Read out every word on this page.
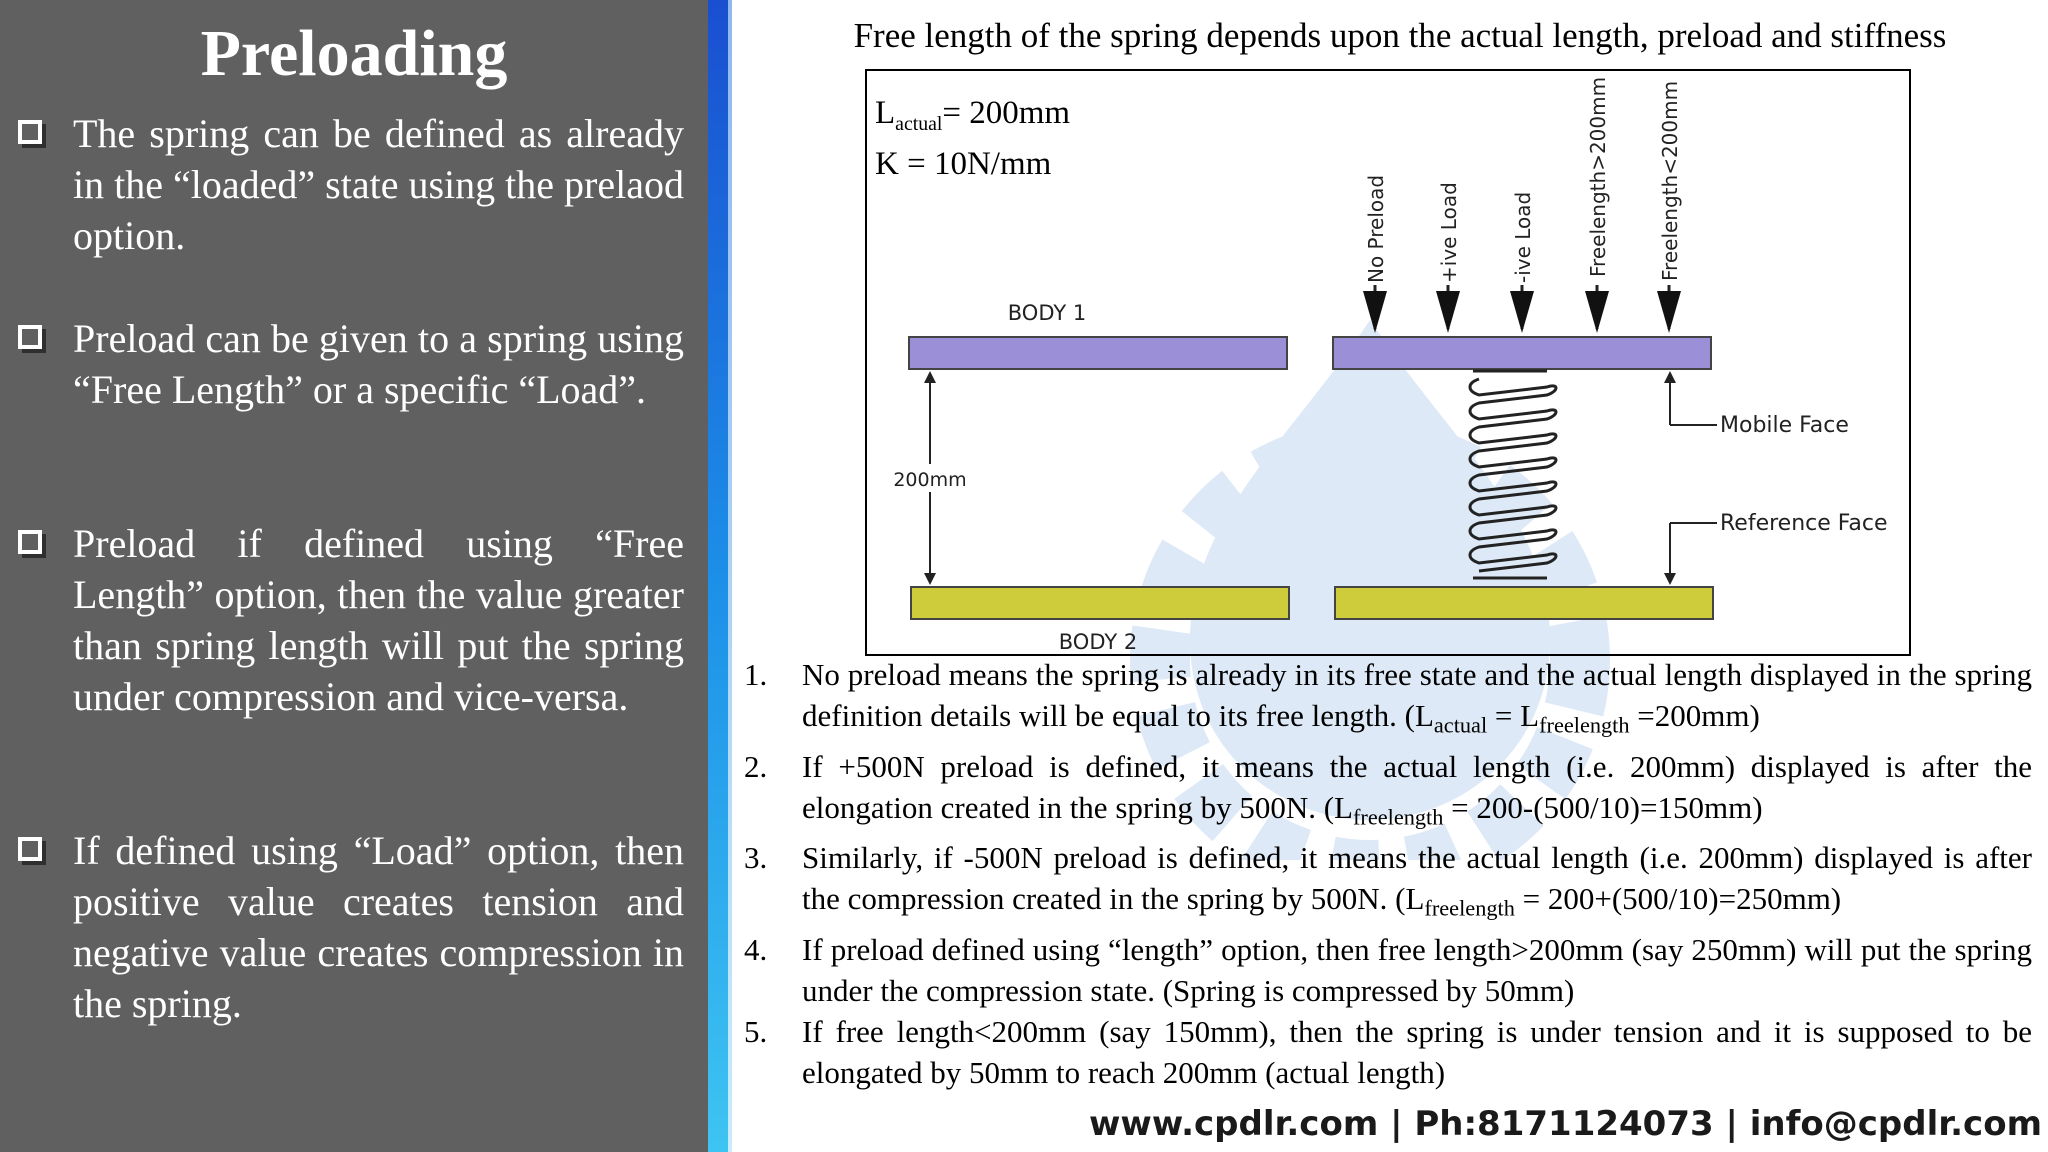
Preloading
The spring can be defined as already in the “loaded” state using the prelaod option.
Preload can be given to a spring using “Free Length” or a specific “Load”.
Preload if defined using “Free Length” option, then the value greater than spring length will put the spring under compression and vice-versa.
If defined using “Load” option, then positive value creates tension and negative value creates compression in the spring.
Free length of the spring depends upon the actual length, preload and stiffness
$L_{actual}= 200mm$
K = 10N/mm
BODY 1
BODY 2
200mm
Mobile Face
Reference Face
No Preload +ive Load	-ive Load	Freelength>200mm Freelength<200mm
1. No preload means the spring is already in its free state and the actual length displayed in the spring definition details will be equal to its free length. $(L_{actual} = L_{freelength} =200mm)$
2. If +500N preload is defined, it means the actual length (i.e. 200mm) displayed is after the elongation created in the spring by 500N. $(L_{freelength} = 200-(500/10)=150mm)$
3. Similarly, if -500N preload is defined, it means the actual length (i.e. 200mm) displayed is after the compression created in the spring by 500N. $(L_{freelength} = 200+(500/10)=250mm)$
4. If preload defined using “length” option, then free length>200mm (say 250mm) will put the spring under the compression state. (Spring is compressed by 50mm)
5. If free length<200mm (say 150mm), then the spring is under tension and it is supposed to be elongated by 50mm to reach 200mm (actual length)
www.cpdlr.com | Ph:8171124073 | info@cpdlr.com
